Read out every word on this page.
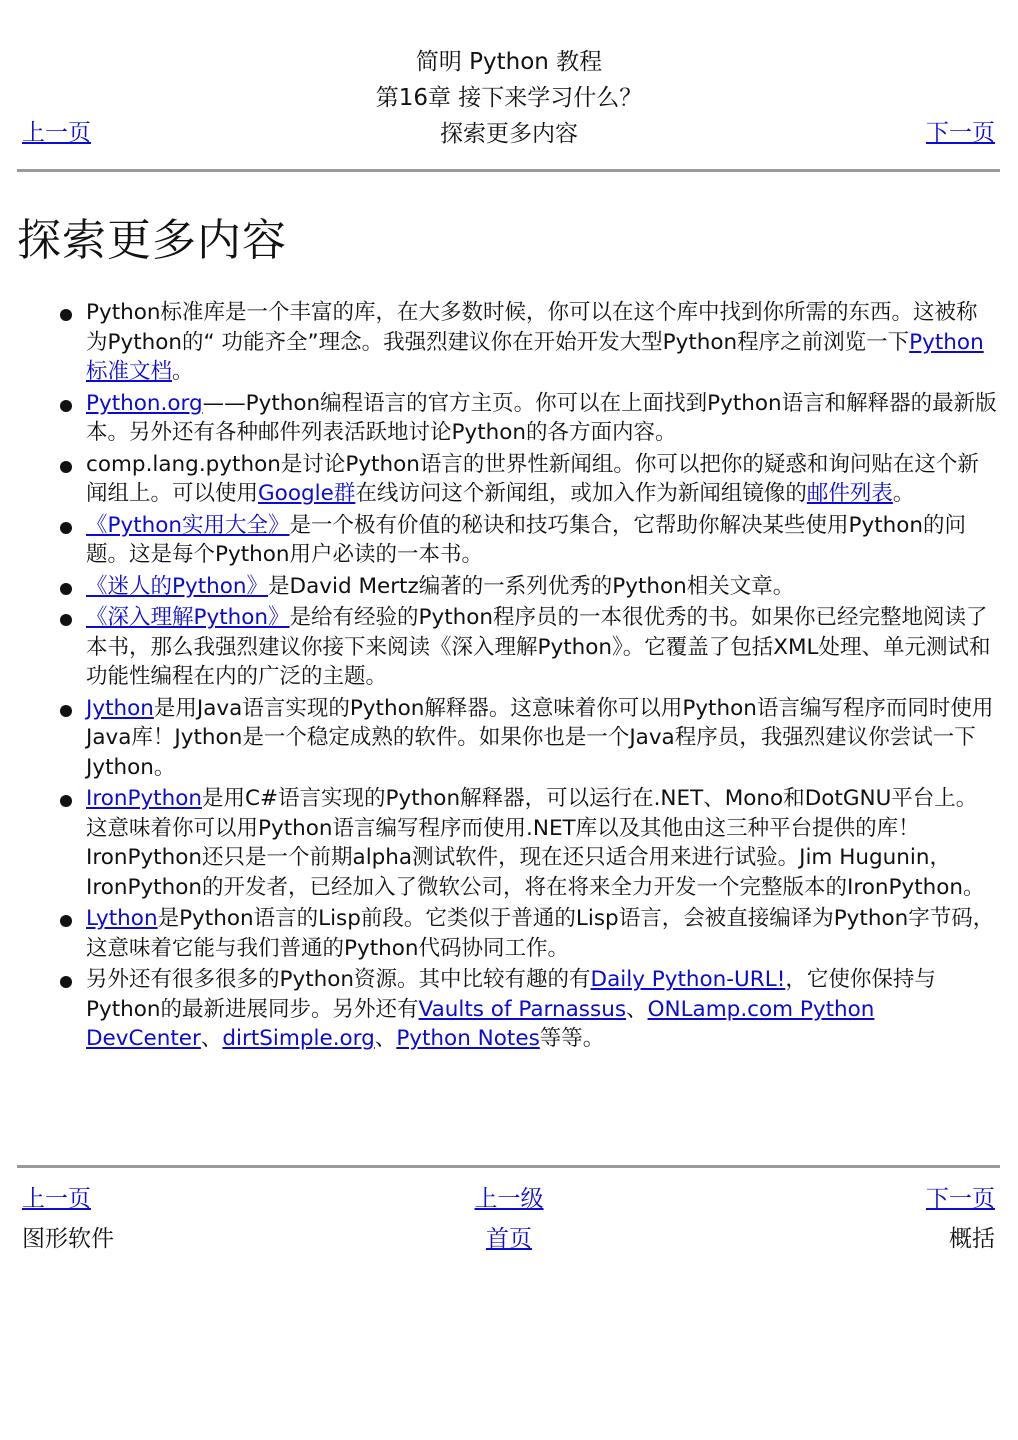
简明 Python 教程
第16章 接下来学习什么？
探索更多内容
上一页	下一页
探索更多内容
Python标准库是一个丰富的库，在大多数时候，你可以在这个库中找到你所需的东西。这被称为Python的“ 功能齐全”理念。我强烈建议你在开始开发大型Python程序之前浏览一下Python标准文档。
Python.org——Python编程语言的官方主页。你可以在上面找到Python语言和解释器的最新版本。另外还有各种邮件列表活跃地讨论Python的各方面内容。
comp.lang.python是讨论Python语言的世界性新闻组。你可以把你的疑惑和询问贴在这个新闻组上。可以使用Google群在线访问这个新闻组，或加入作为新闻组镜像的邮件列表。
《Python实用大全》是一个极有价值的秘诀和技巧集合，它帮助你解决某些使用Python的问题。这是每个Python用户必读的一本书。
《迷人的Python》是David Mertz编著的一系列优秀的Python相关文章。
《深入理解Python》是给有经验的Python程序员的一本很优秀的书。如果你已经完整地阅读了本书，那么我强烈建议你接下来阅读《深入理解Python》。它覆盖了包括XML处理、单元测试和功能性编程在内的广泛的主题。
Jython是用Java语言实现的Python解释器。这意味着你可以用Python语言编写程序而同时使用Java库！Jython是一个稳定成熟的软件。如果你也是一个Java程序员，我强烈建议你尝试一下Jython。
IronPython是用C#语言实现的Python解释器，可以运行在.NET、Mono和DotGNU平台上。这意味着你可以用Python语言编写程序而使用.NET库以及其他由这三种平台提供的库！IronPython还只是一个前期alpha测试软件，现在还只适合用来进行试验。Jim Hugunin，IronPython的开发者，已经加入了微软公司，将在将来全力开发一个完整版本的IronPython。
Lython是Python语言的Lisp前段。它类似于普通的Lisp语言，会被直接编译为Python字节码，这意味着它能与我们普通的Python代码协同工作。
另外还有很多很多的Python资源。其中比较有趣的有Daily Python-URL!，它使你保持与Python的最新进展同步。另外还有Vaults of Parnassus、ONLamp.com Python DevCenter、dirtSimple.org、Python Notes等等。
上一页	上一级	下一页
图形软件	首页	概括
